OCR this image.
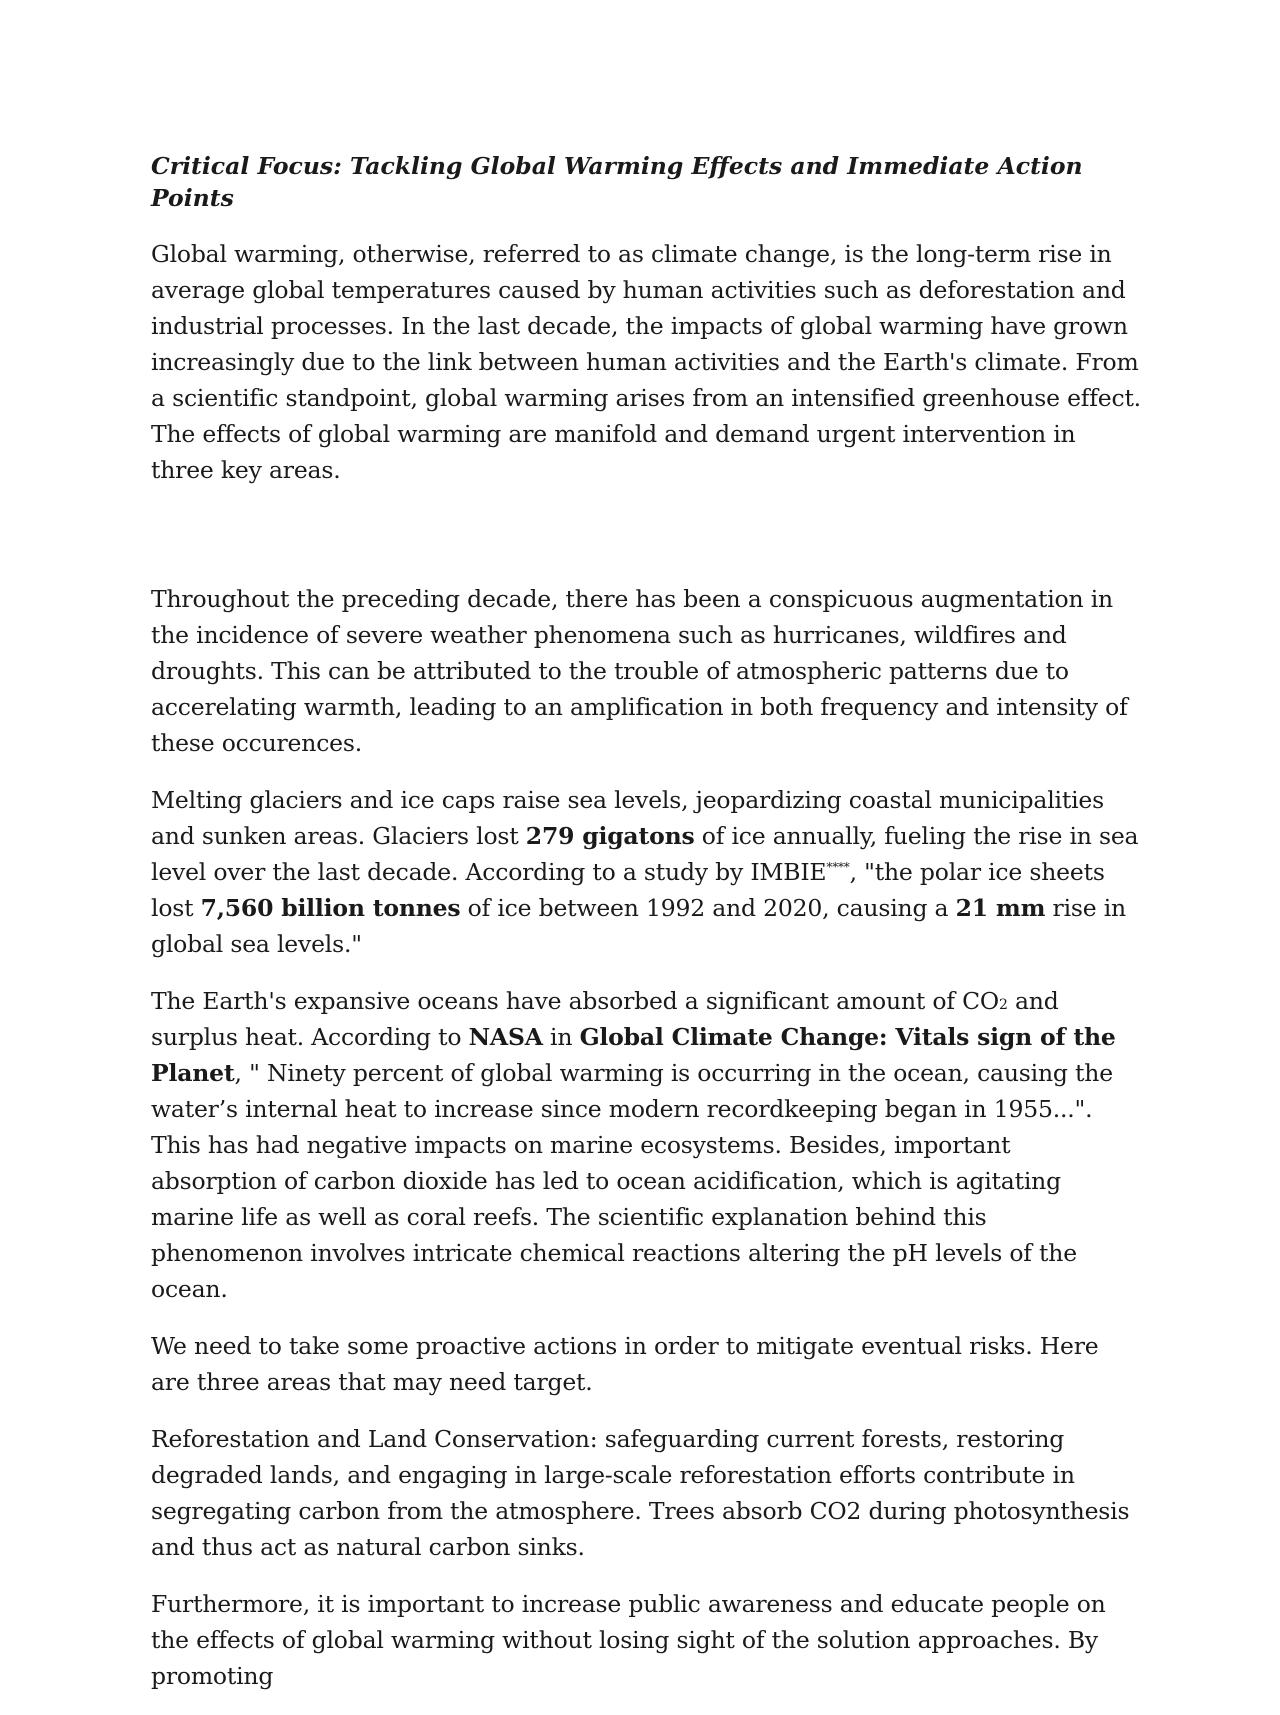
Critical Focus: Tackling Global Warming Effects and Immediate Action Points

Global warming, otherwise, referred to as climate change, is the long-term rise in average global temperatures caused by human activities such as deforestation and industrial processes. In the last decade, the impacts of global warming have grown increasingly due to the link between human activities and the Earth's climate. From a scientific standpoint, global warming arises from an intensified greenhouse effect. The effects of global warming are manifold and demand urgent intervention in three key areas.

Throughout the preceding decade, there has been a conspicuous augmentation in the incidence of severe weather phenomena such as hurricanes, wildfires and droughts. This can be attributed to the trouble of atmospheric patterns due to accerelating warmth, leading to an amplification in both frequency and intensity of these occurences.

Melting glaciers and ice caps raise sea levels, jeopardizing coastal municipalities and sunken areas. Glaciers lost 279 gigatons of ice annually, fueling the rise in sea level over the last decade. According to a study by IMBIE****, "the polar ice sheets lost 7,560 billion tonnes of ice between 1992 and 2020, causing a 21 mm rise in global sea levels."

The Earth's expansive oceans have absorbed a significant amount of CO2 and surplus heat. According to NASA in Global Climate Change: Vitals sign of the Planet, " Ninety percent of global warming is occurring in the ocean, causing the water’s internal heat to increase since modern recordkeeping began in 1955...". This has had negative impacts on marine ecosystems. Besides, important absorption of carbon dioxide has led to ocean acidification, which is agitating marine life as well as coral reefs. The scientific explanation behind this phenomenon involves intricate chemical reactions altering the pH levels of the ocean.

We need to take some proactive actions in order to mitigate eventual risks. Here are three areas that may need target.

Reforestation and Land Conservation: safeguarding current forests, restoring degraded lands, and engaging in large-scale reforestation efforts contribute in segregating carbon from the atmosphere. Trees absorb CO2 during photosynthesis and thus act as natural carbon sinks.

Furthermore, it is important to increase public awareness and educate people on the effects of global warming without losing sight of the solution approaches. By promoting
